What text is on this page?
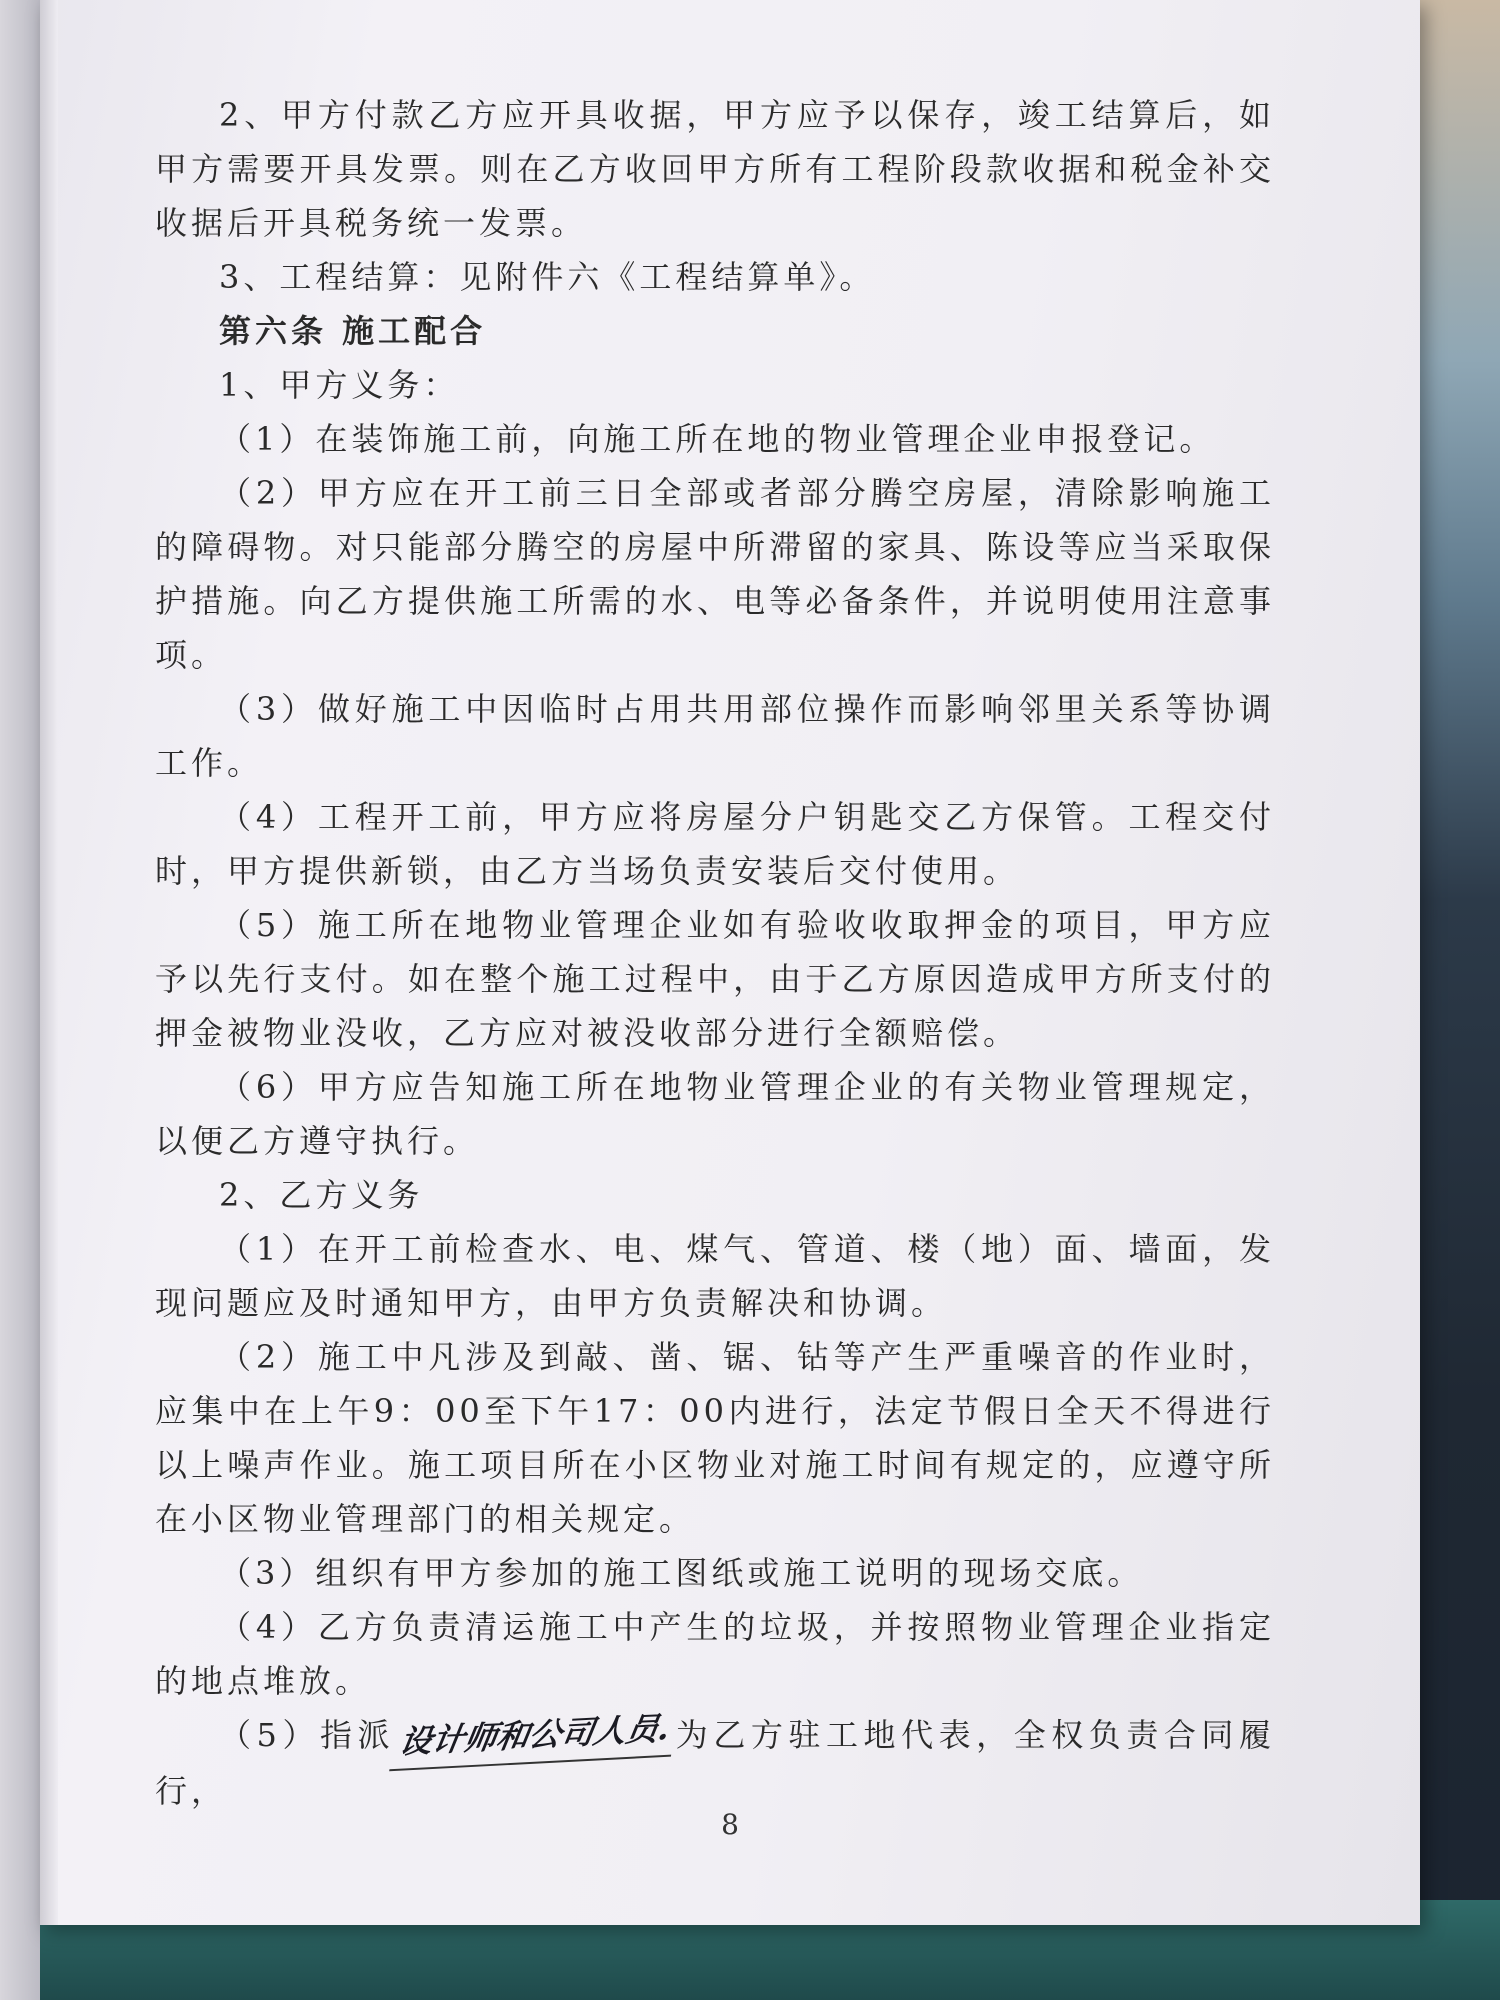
2、甲方付款乙方应开具收据，甲方应予以保存，竣工结算后，如甲方需要开具发票。则在乙方收回甲方所有工程阶段款收据和税金补交收据后开具税务统一发票。

3、工程结算：见附件六《工程结算单》。

第六条 施工配合

1、甲方义务：

（1）在装饰施工前，向施工所在地的物业管理企业申报登记。

（2）甲方应在开工前三日全部或者部分腾空房屋，清除影响施工的障碍物。对只能部分腾空的房屋中所滞留的家具、陈设等应当采取保护措施。向乙方提供施工所需的水、电等必备条件，并说明使用注意事项。

（3）做好施工中因临时占用共用部位操作而影响邻里关系等协调工作。

（4）工程开工前，甲方应将房屋分户钥匙交乙方保管。工程交付时，甲方提供新锁，由乙方当场负责安装后交付使用。

（5）施工所在地物业管理企业如有验收收取押金的项目，甲方应予以先行支付。如在整个施工过程中，由于乙方原因造成甲方所支付的押金被物业没收，乙方应对被没收部分进行全额赔偿。

（6）甲方应告知施工所在地物业管理企业的有关物业管理规定，以便乙方遵守执行。

2、乙方义务

（1）在开工前检查水、电、煤气、管道、楼（地）面、墙面，发现问题应及时通知甲方，由甲方负责解决和协调。

（2）施工中凡涉及到敲、凿、锯、钻等产生严重噪音的作业时，应集中在上午9：00至下午17：00内进行，法定节假日全天不得进行以上噪声作业。施工项目所在小区物业对施工时间有规定的，应遵守所在小区物业管理部门的相关规定。

（3）组织有甲方参加的施工图纸或施工说明的现场交底。

（4）乙方负责清运施工中产生的垃圾，并按照物业管理企业指定的地点堆放。

（5）指派设计师和公司人员.为乙方驻工地代表，全权负责合同履行，

8
